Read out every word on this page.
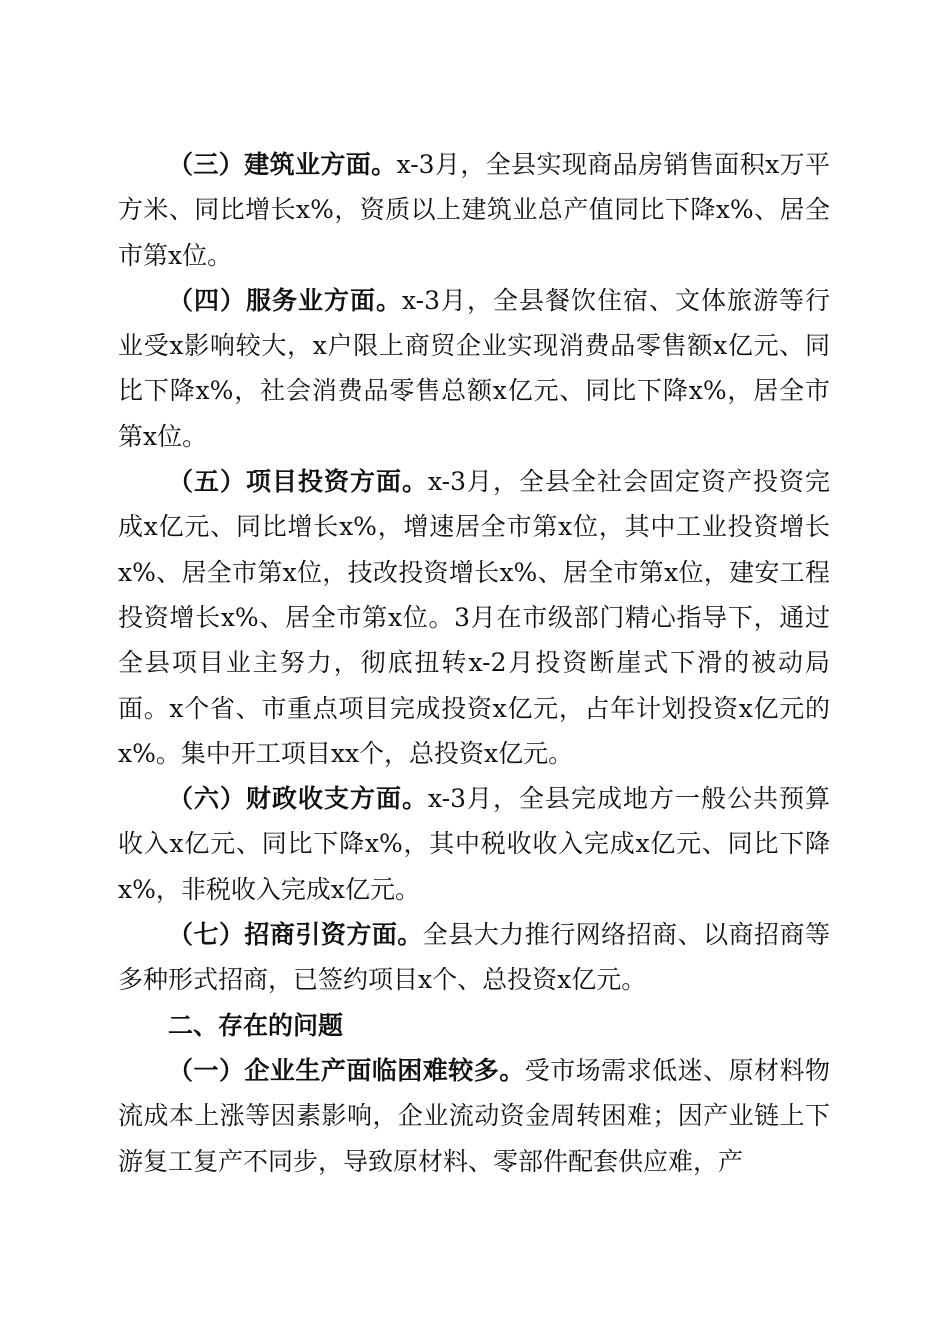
（三）建筑业方面。x-3月，全县实现商品房销售面积x万平方米、同比增长x%，资质以上建筑业总产值同比下降x%、居全市第x位。

（四）服务业方面。x-3月，全县餐饮住宿、文体旅游等行业受x影响较大，x户限上商贸企业实现消费品零售额x亿元、同比下降x%，社会消费品零售总额x亿元、同比下降x%，居全市第x位。

（五）项目投资方面。x-3月，全县全社会固定资产投资完成x亿元、同比增长x%，增速居全市第x位，其中工业投资增长x%、居全市第x位，技改投资增长x%、居全市第x位，建安工程投资增长x%、居全市第x位。3月在市级部门精心指导下，通过全县项目业主努力，彻底扭转x-2月投资断崖式下滑的被动局面。x个省、市重点项目完成投资x亿元，占年计划投资x亿元的x%。集中开工项目xx个，总投资x亿元。

（六）财政收支方面。x-3月，全县完成地方一般公共预算收入x亿元、同比下降x%，其中税收收入完成x亿元、同比下降x%，非税收入完成x亿元。

（七）招商引资方面。全县大力推行网络招商、以商招商等多种形式招商，已签约项目x个、总投资x亿元。

二、存在的问题

（一）企业生产面临困难较多。受市场需求低迷、原材料物流成本上涨等因素影响，企业流动资金周转困难；因产业链上下游复工复产不同步，导致原材料、零部件配套供应难，产
